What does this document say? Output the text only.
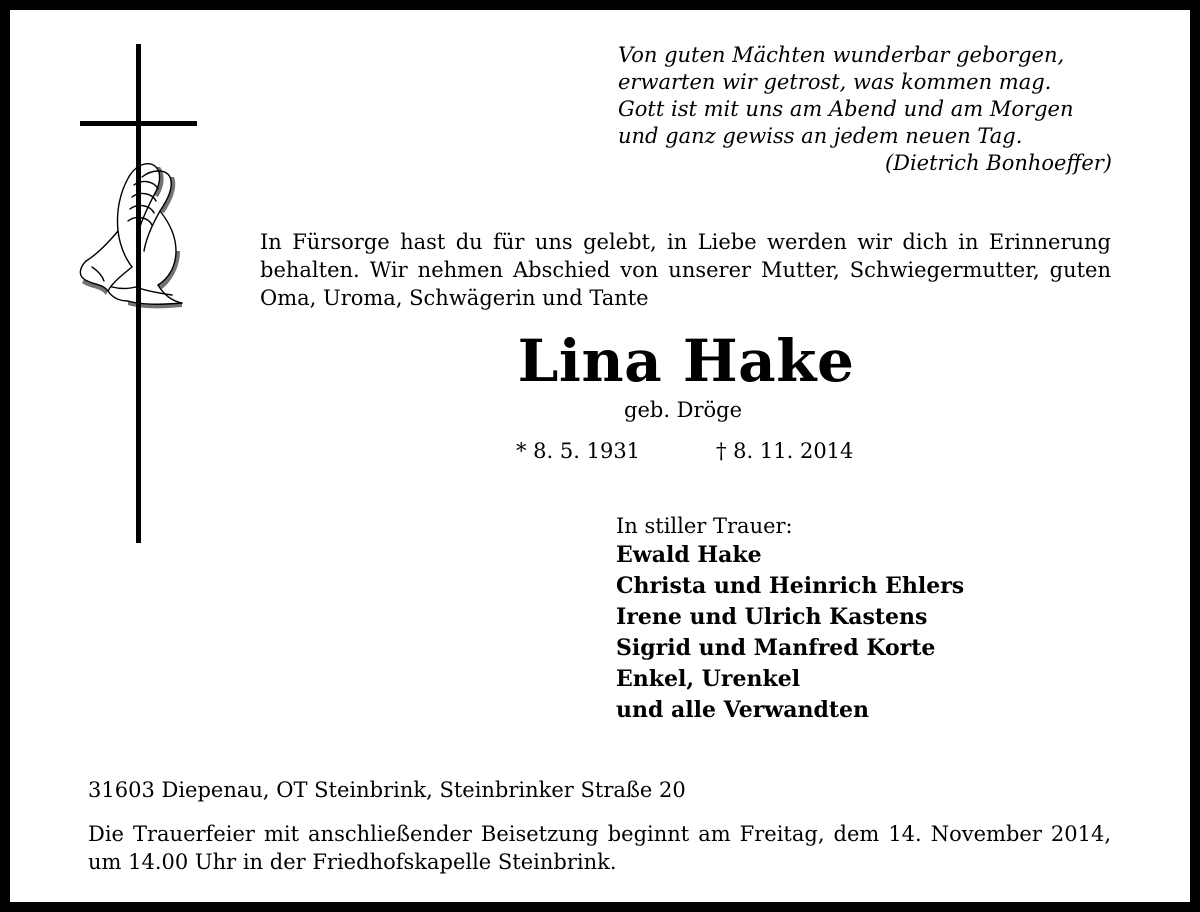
Von guten Mächten wunderbar geborgen,
erwarten wir getrost, was kommen mag.
Gott ist mit uns am Abend und am Morgen
und ganz gewiss an jedem neuen Tag.
(Dietrich Bonhoeffer)
In Fürsorge hast du für uns gelebt, in Liebe werden wir dich in Erinnerung behalten. Wir nehmen Abschied von unserer Mutter, Schwiegermutter, guten Oma, Uroma, Schwägerin und Tante
Lina Hake
geb. Dröge
* 8. 5. 1931	† 8. 11. 2014
In stiller Trauer:
Ewald Hake
Christa und Heinrich Ehlers
Irene und Ulrich Kastens
Sigrid und Manfred Korte
Enkel, Urenkel
und alle Verwandten
31603 Diepenau, OT Steinbrink, Steinbrinker Straße 20
Die Trauerfeier mit anschließender Beisetzung beginnt am Freitag, dem 14. November 2014, um 14.00 Uhr in der Friedhofskapelle Steinbrink.
